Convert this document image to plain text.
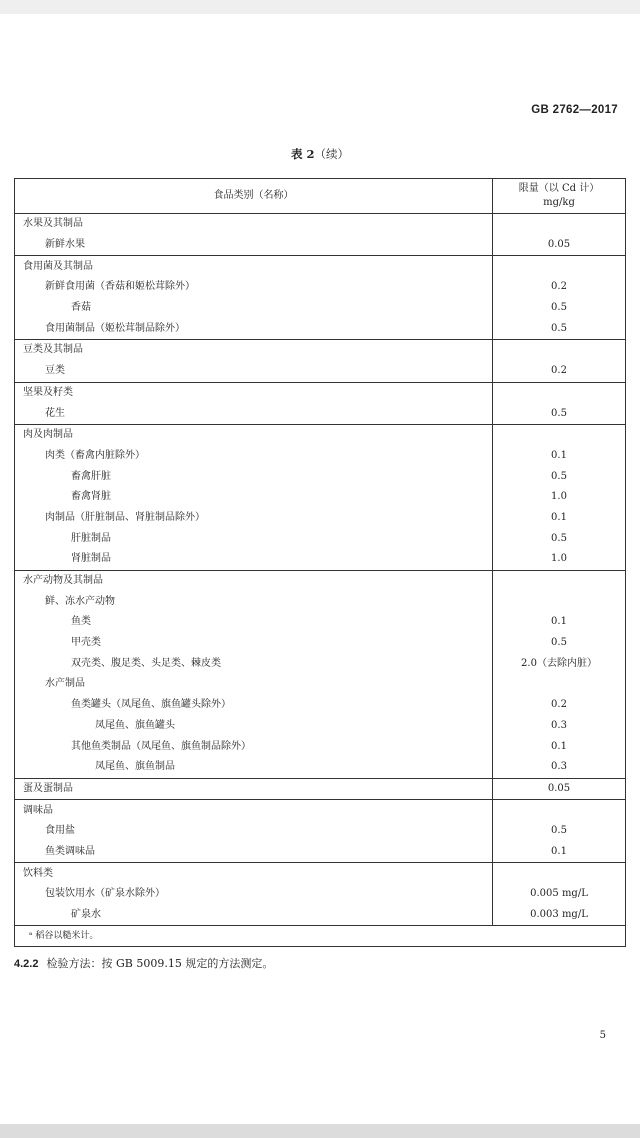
GB 2762—2017
表 2（续）
食品类别（名称）	限量（以 Cd 计）
mg/kg

水果及其制品	
新鲜水果	0.05
食用菌及其制品	
新鲜食用菌（香菇和姬松茸除外）	0.2
香菇	0.5
食用菌制品（姬松茸制品除外）	0.5
豆类及其制品	
豆类	0.2
坚果及籽类	
花生	0.5
肉及肉制品	
肉类（畜禽内脏除外）	0.1
畜禽肝脏	0.5
畜禽肾脏	1.0
肉制品（肝脏制品、肾脏制品除外）	0.1
肝脏制品	0.5
肾脏制品	1.0
水产动物及其制品	
鲜、冻水产动物	
鱼类	0.1
甲壳类	0.5
双壳类、腹足类、头足类、棘皮类	2.0（去除内脏）
水产制品	
鱼类罐头（凤尾鱼、旗鱼罐头除外）	0.2
凤尾鱼、旗鱼罐头	0.3
其他鱼类制品（凤尾鱼、旗鱼制品除外）	0.1
凤尾鱼、旗鱼制品	0.3
蛋及蛋制品	0.05
调味品	
食用盐	0.5
鱼类调味品	0.1
饮料类	
包装饮用水（矿泉水除外）	0.005 mg/L
矿泉水	0.003 mg/L
ᵃ 稻谷以糙米计。	
4.2.2 检验方法：按 GB 5009.15 规定的方法测定。
5
